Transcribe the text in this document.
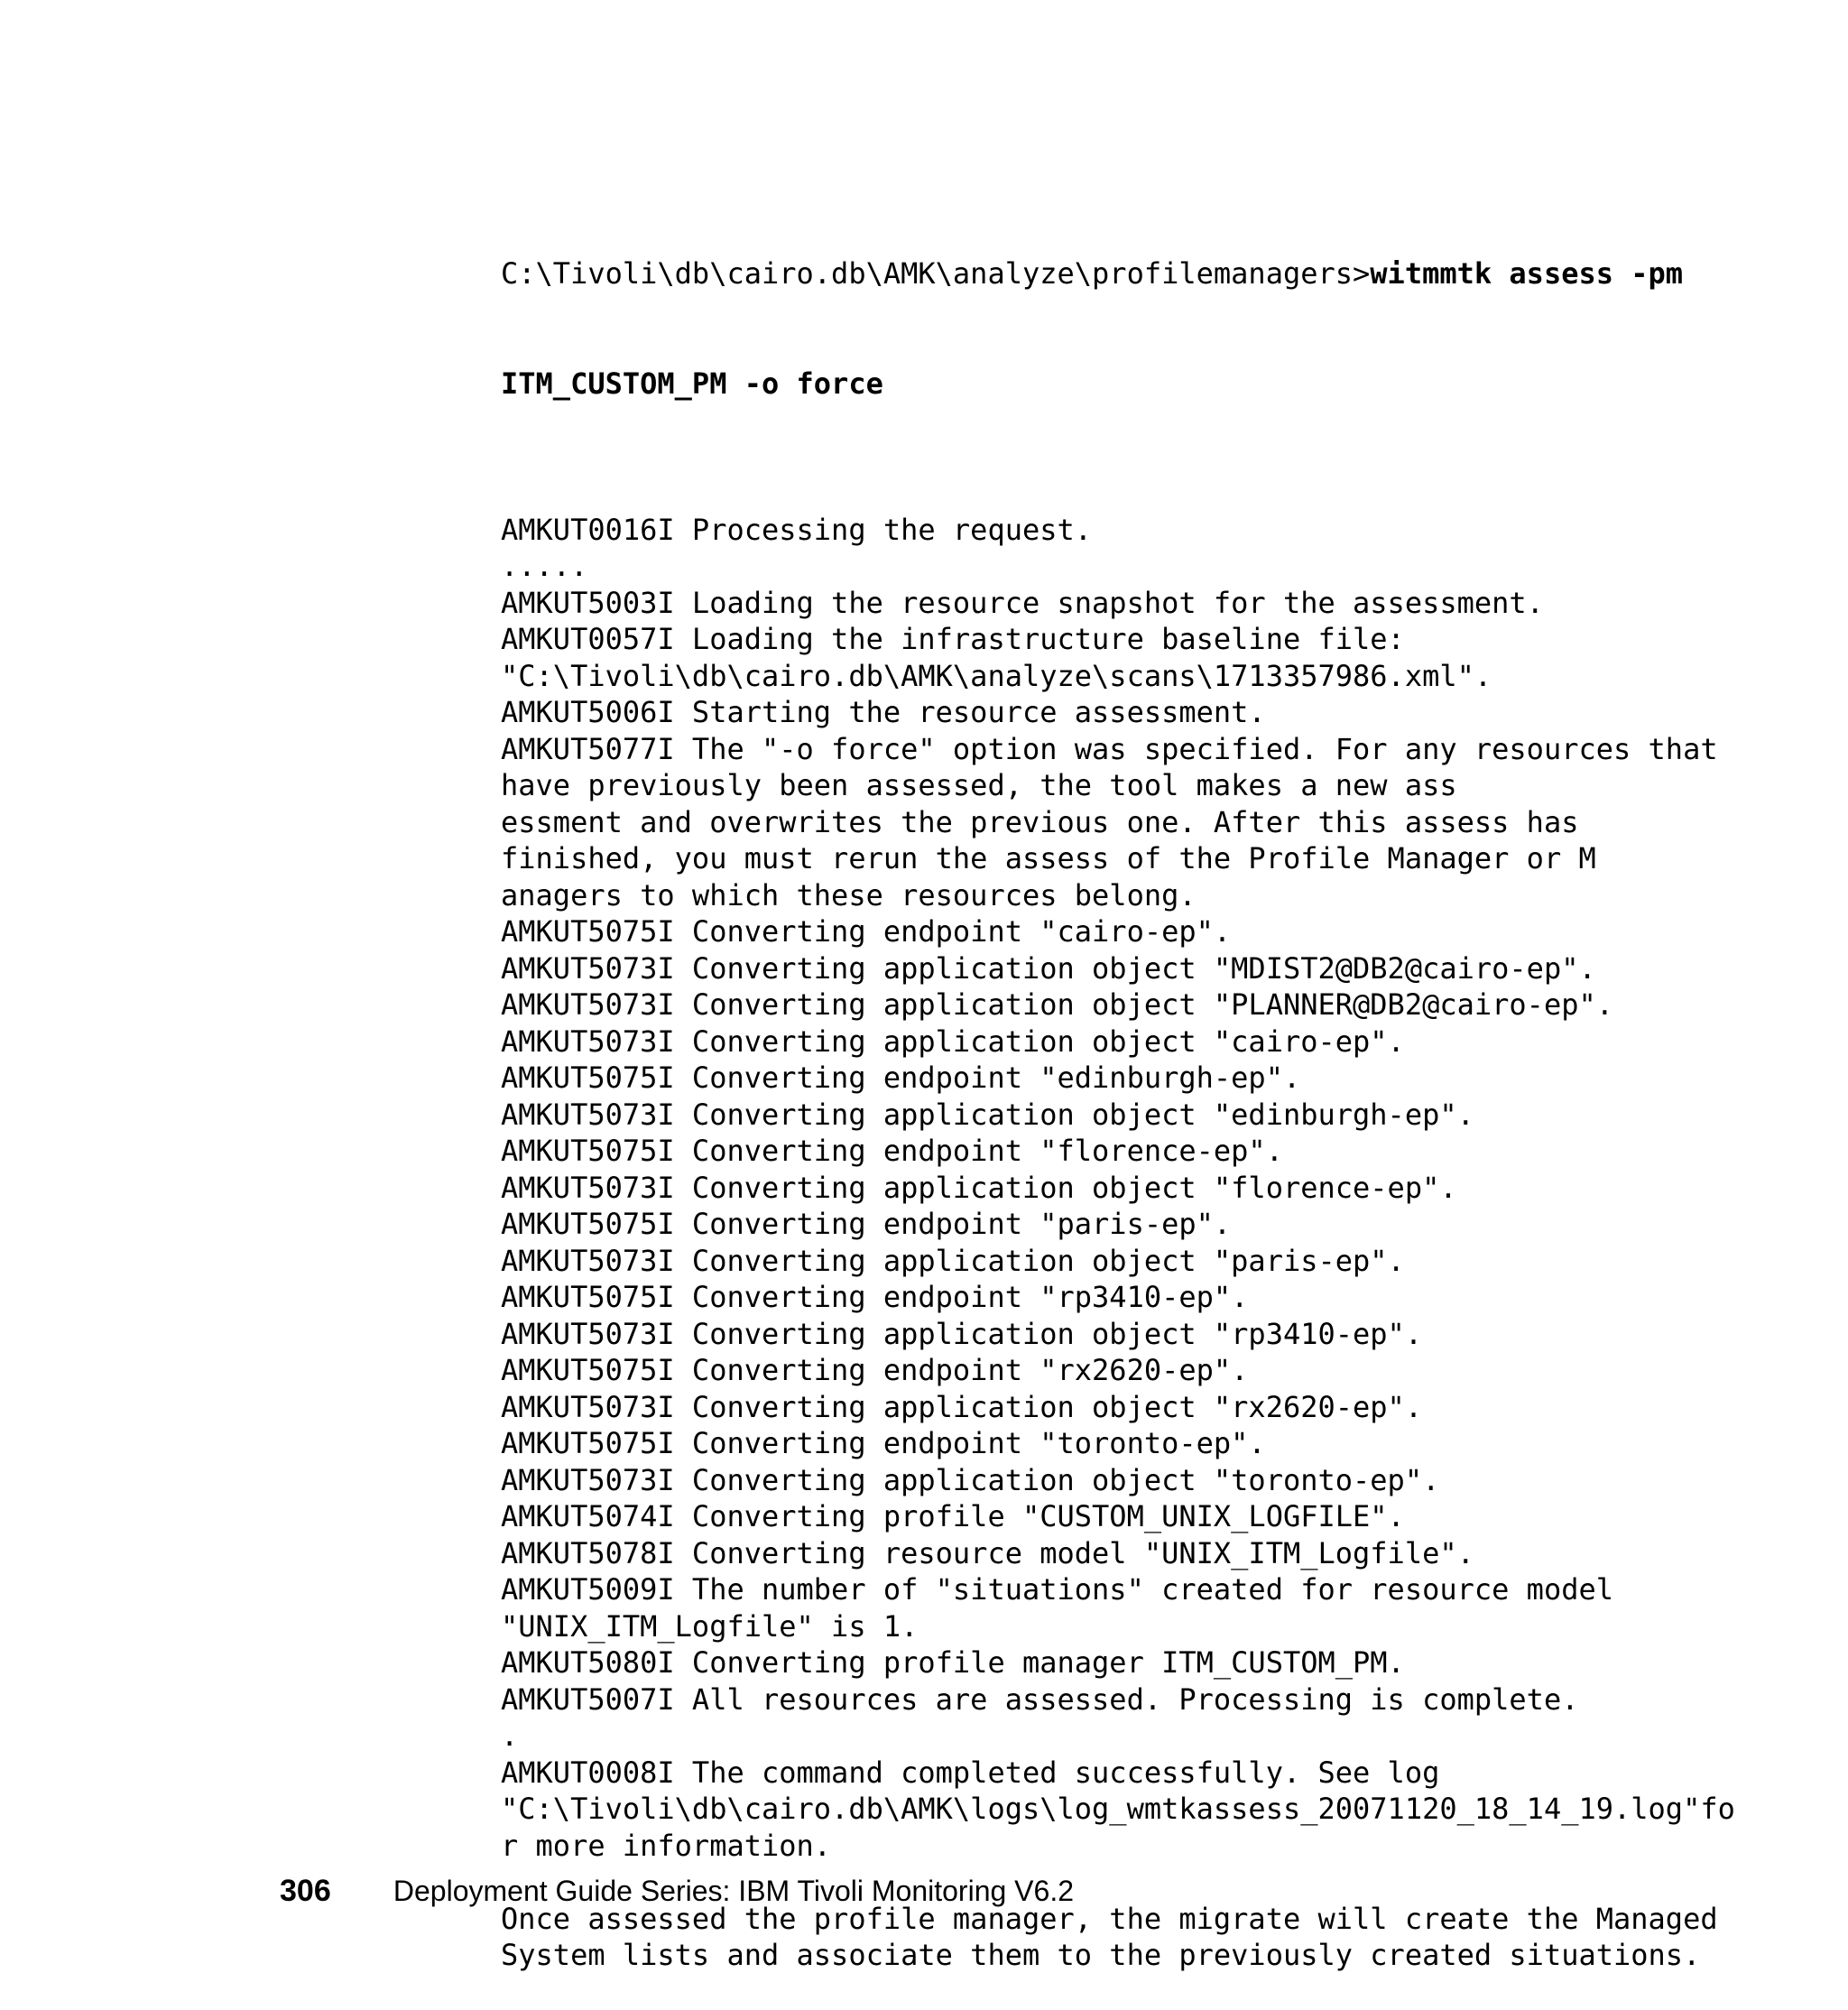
C:\Tivoli\db\cairo.db\AMK\analyze\profilemanagers>witmmtk assess -pm

ITM_CUSTOM_PM -o force

AMKUT0016I Processing the request.
.....
AMKUT5003I Loading the resource snapshot for the assessment.
AMKUT0057I Loading the infrastructure baseline file:
"C:\Tivoli\db\cairo.db\AMK\analyze\scans\1713357986.xml".
AMKUT5006I Starting the resource assessment.
AMKUT5077I The "-o force" option was specified. For any resources that
have previously been assessed, the tool makes a new ass
essment and overwrites the previous one. After this assess has
finished, you must rerun the assess of the Profile Manager or M
anagers to which these resources belong.
AMKUT5075I Converting endpoint "cairo-ep".
AMKUT5073I Converting application object "MDIST2@DB2@cairo-ep".
AMKUT5073I Converting application object "PLANNER@DB2@cairo-ep".
AMKUT5073I Converting application object "cairo-ep".
AMKUT5075I Converting endpoint "edinburgh-ep".
AMKUT5073I Converting application object "edinburgh-ep".
AMKUT5075I Converting endpoint "florence-ep".
AMKUT5073I Converting application object "florence-ep".
AMKUT5075I Converting endpoint "paris-ep".
AMKUT5073I Converting application object "paris-ep".
AMKUT5075I Converting endpoint "rp3410-ep".
AMKUT5073I Converting application object "rp3410-ep".
AMKUT5075I Converting endpoint "rx2620-ep".
AMKUT5073I Converting application object "rx2620-ep".
AMKUT5075I Converting endpoint "toronto-ep".
AMKUT5073I Converting application object "toronto-ep".
AMKUT5074I Converting profile "CUSTOM_UNIX_LOGFILE".
AMKUT5078I Converting resource model "UNIX_ITM_Logfile".
AMKUT5009I The number of "situations" created for resource model
"UNIX_ITM_Logfile" is 1.
AMKUT5080I Converting profile manager ITM_CUSTOM_PM.
AMKUT5007I All resources are assessed. Processing is complete.
.
AMKUT0008I The command completed successfully. See log
"C:\Tivoli\db\cairo.db\AMK\logs\log_wmtkassess_20071120_18_14_19.log"fo
r more information.
Once assessed the profile manager, the migrate will create the Managed
System lists and associate them to the previously created situations.

306 Deployment Guide Series: IBM Tivoli Monitoring V6.2
